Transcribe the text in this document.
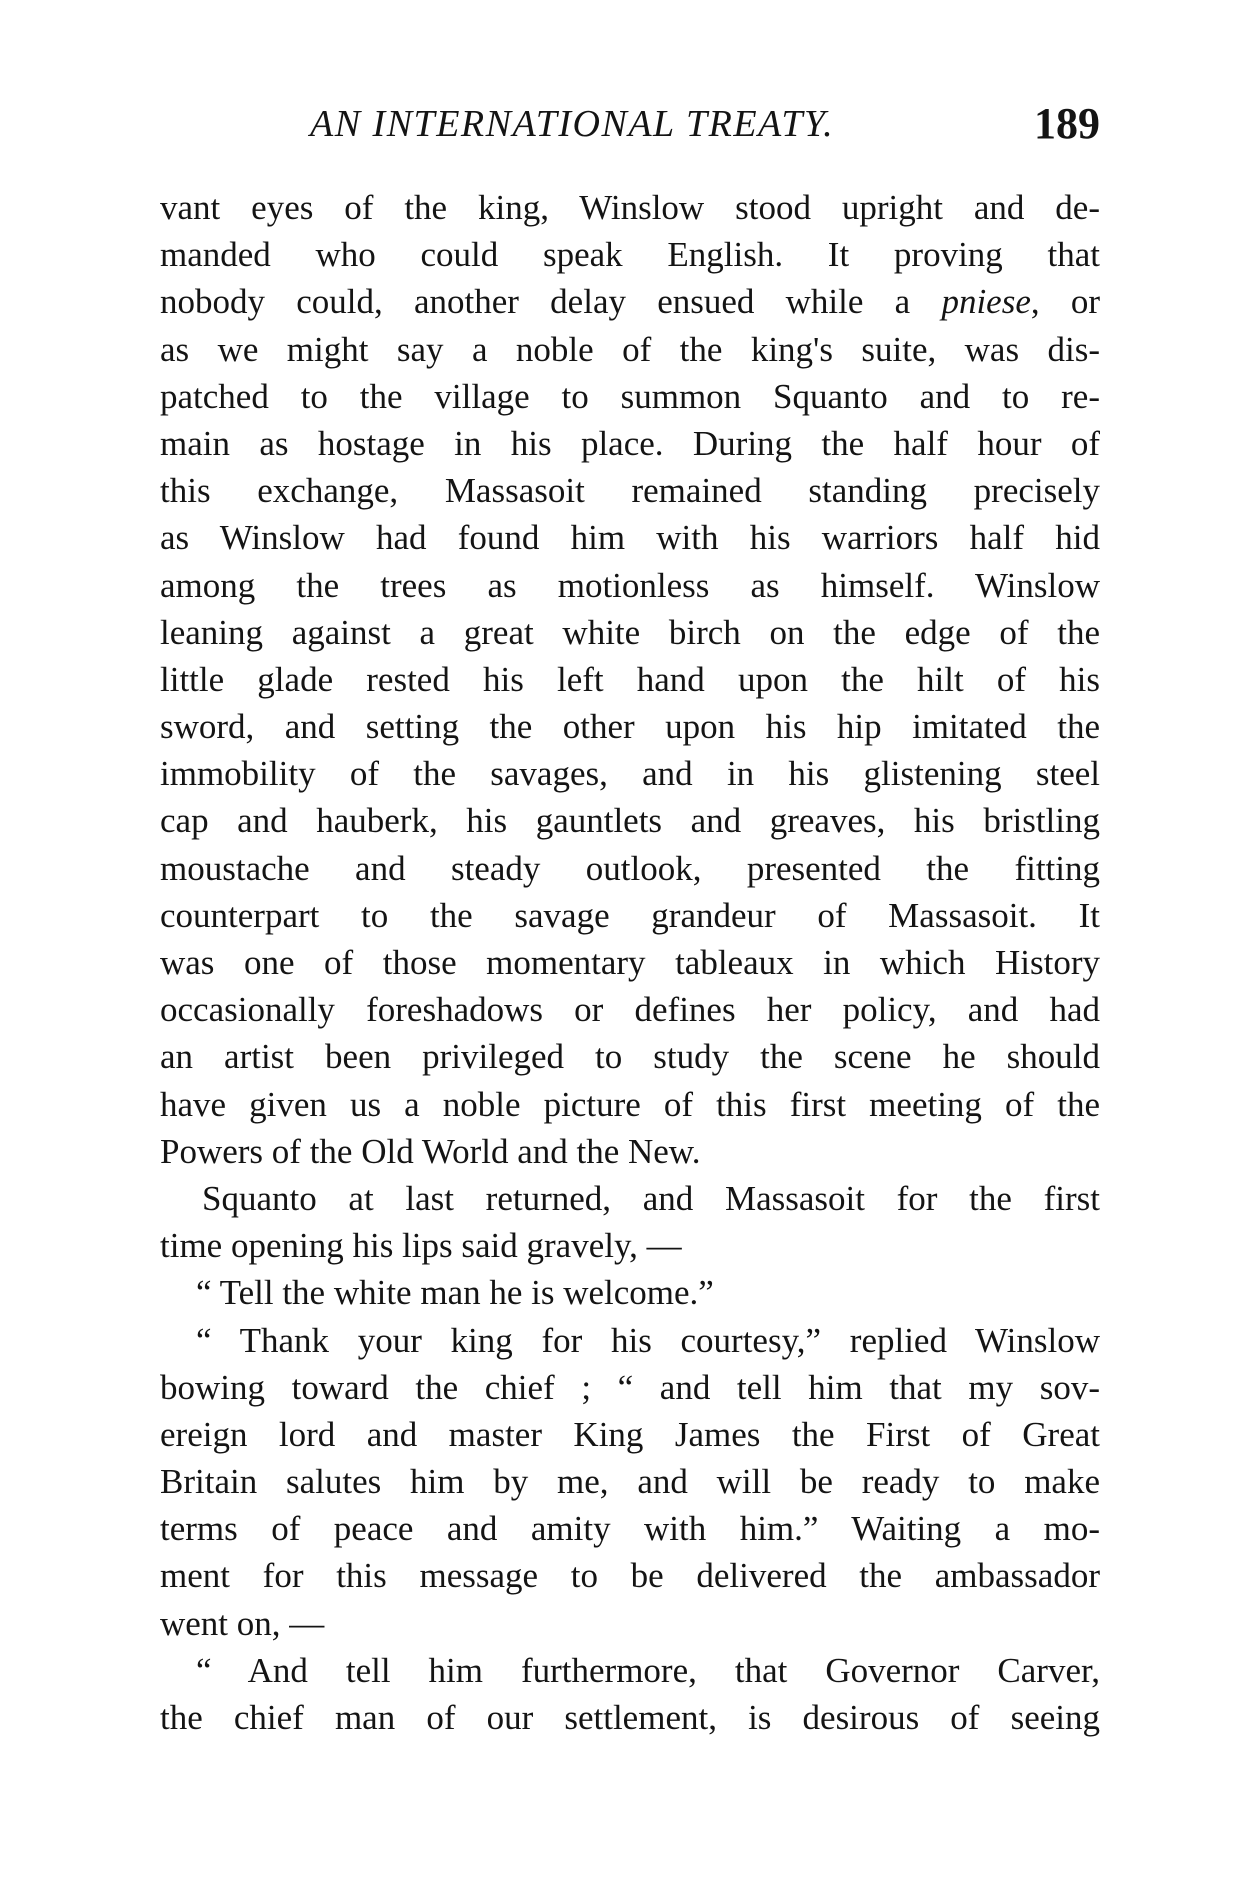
AN INTERNATIONAL TREATY.	189
vant eyes of the king, Winslow stood upright and de-
manded who could speak English. It proving that
nobody could, another delay ensued while a pniese, or
as we might say a noble of the king's suite, was dis-
patched to the village to summon Squanto and to re-
main as hostage in his place. During the half hour of
this exchange, Massasoit remained standing precisely
as Winslow had found him with his warriors half hid
among the trees as motionless as himself. Winslow
leaning against a great white birch on the edge of the
little glade rested his left hand upon the hilt of his
sword, and setting the other upon his hip imitated the
immobility of the savages, and in his glistening steel
cap and hauberk, his gauntlets and greaves, his bristling
moustache and steady outlook, presented the fitting
counterpart to the savage grandeur of Massasoit. It
was one of those momentary tableaux in which History
occasionally foreshadows or defines her policy, and had
an artist been privileged to study the scene he should
have given us a noble picture of this first meeting of the
Powers of the Old World and the New.
Squanto at last returned, and Massasoit for the first
time opening his lips said gravely, —
“ Tell the white man he is welcome.”
“ Thank your king for his courtesy,” replied Winslow
bowing toward the chief ; “ and tell him that my sov-
ereign lord and master King James the First of Great
Britain salutes him by me, and will be ready to make
terms of peace and amity with him.” Waiting a mo-
ment for this message to be delivered the ambassador
went on, —
“ And tell him furthermore, that Governor Carver,
the chief man of our settlement, is desirous of seeing
